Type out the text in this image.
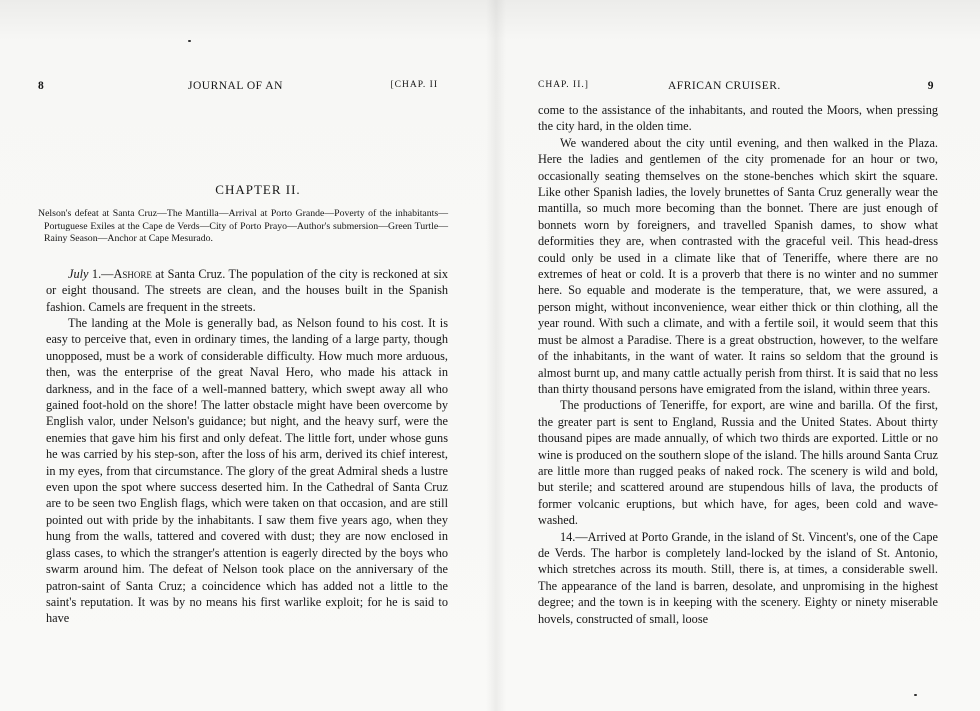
8	JOURNAL OF AN	[CHAP. II
CHAPTER II.

Nelson's defeat at Santa Cruz—The Mantilla—Arrival at Porto Grande—Poverty of the inhabitants—Portuguese Exiles at the Cape de Verds—City of Porto Prayo—Author's submersion—Green Turtle—Rainy Season—Anchor at Cape Mesurado.

July 1.—Ashore at Santa Cruz. The population of the city is reckoned at six or eight thousand. The streets are clean, and the houses built in the Spanish fashion. Camels are frequent in the streets.

The landing at the Mole is generally bad, as Nelson found to his cost. It is easy to perceive that, even in ordinary times, the landing of a large party, though unopposed, must be a work of considerable difficulty. How much more arduous, then, was the enterprise of the great Naval Hero, who made his attack in darkness, and in the face of a well-manned battery, which swept away all who gained foot-hold on the shore! The latter obstacle might have been overcome by English valor, under Nelson's guidance; but night, and the heavy surf, were the enemies that gave him his first and only defeat. The little fort, under whose guns he was carried by his step-son, after the loss of his arm, derived its chief interest, in my eyes, from that circumstance. The glory of the great Admiral sheds a lustre even upon the spot where success deserted him. In the Cathedral of Santa Cruz are to be seen two English flags, which were taken on that occasion, and are still pointed out with pride by the inhabitants. I saw them five years ago, when they hung from the walls, tattered and covered with dust; they are now enclosed in glass cases, to which the stranger's attention is eagerly directed by the boys who swarm around him. The defeat of Nelson took place on the anniversary of the patron-saint of Santa Cruz; a coincidence which has added not a little to the saint's reputation. It was by no means his first warlike exploit; for he is said to have

CHAP. II.]	AFRICAN CRUISER.	9

come to the assistance of the inhabitants, and routed the Moors, when pressing the city hard, in the olden time.

We wandered about the city until evening, and then walked in the Plaza. Here the ladies and gentlemen of the city promenade for an hour or two, occasionally seating themselves on the stone-benches which skirt the square. Like other Spanish ladies, the lovely brunettes of Santa Cruz generally wear the mantilla, so much more becoming than the bonnet. There are just enough of bonnets worn by foreigners, and travelled Spanish dames, to show what deformities they are, when contrasted with the graceful veil. This head-dress could only be used in a climate like that of Teneriffe, where there are no extremes of heat or cold. It is a proverb that there is no winter and no summer here. So equable and moderate is the temperature, that, we were assured, a person might, without inconvenience, wear either thick or thin clothing, all the year round. With such a climate, and with a fertile soil, it would seem that this must be almost a Paradise. There is a great obstruction, however, to the welfare of the inhabitants, in the want of water. It rains so seldom that the ground is almost burnt up, and many cattle actually perish from thirst. It is said that no less than thirty thousand persons have emigrated from the island, within three years.

The productions of Teneriffe, for export, are wine and barilla. Of the first, the greater part is sent to England, Russia and the United States. About thirty thousand pipes are made annually, of which two thirds are exported. Little or no wine is produced on the southern slope of the island. The hills around Santa Cruz are little more than rugged peaks of naked rock. The scenery is wild and bold, but sterile; and scattered around are stupendous hills of lava, the products of former volcanic eruptions, but which have, for ages, been cold and wave-washed.

14.—Arrived at Porto Grande, in the island of St. Vincent's, one of the Cape de Verds. The harbor is completely land-locked by the island of St. Antonio, which stretches across its mouth. Still, there is, at times, a considerable swell. The appearance of the land is barren, desolate, and unpromising in the highest degree; and the town is in keeping with the scenery. Eighty or ninety miserable hovels, constructed of small, loose
